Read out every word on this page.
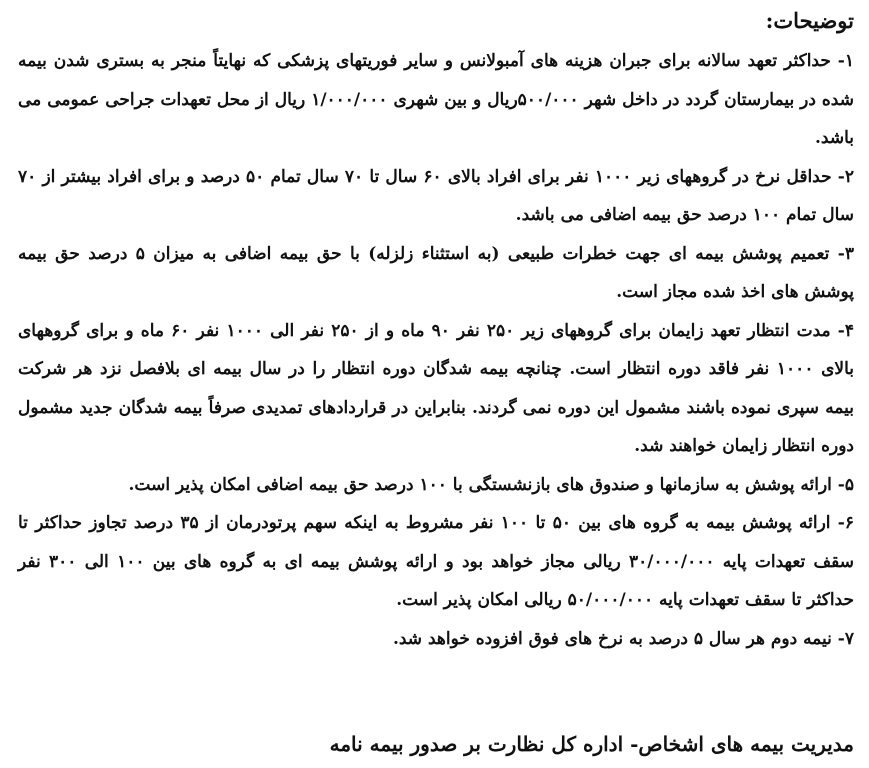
توضیحات:

۱- حداکثر تعهد سالانه برای جبران هزینه های آمبولانس و سایر فوریتهای پزشکی که نهایتاً منجر به بستری شدن بیمه شده در بیمارستان گردد در داخل شهر ۵۰۰/۰۰۰ریال و بین شهری ۱/۰۰۰/۰۰۰ ریال از محل تعهدات جراحی عمومی می باشد.

۲- حداقل نرخ در گروههای زیر ۱۰۰۰ نفر برای افراد بالای ۶۰ سال تا ۷۰ سال تمام ۵۰ درصد و برای افراد بیشتر از ۷۰ سال تمام ۱۰۰ درصد حق بیمه اضافی می باشد.

۳- تعمیم پوشش بیمه ای جهت خطرات طبیعی (به استثناء زلزله) با حق بیمه اضافی به میزان ۵ درصد حق بیمه پوشش های اخذ شده مجاز است.

۴- مدت انتظار تعهد زایمان برای گروههای زیر ۲۵۰ نفر ۹۰ ماه و از ۲۵۰ نفر الی ۱۰۰۰ نفر ۶۰ ماه و برای گروههای بالای ۱۰۰۰ نفر فاقد دوره انتظار است. چنانچه بیمه شدگان دوره انتظار را در سال بیمه ای بلافصل نزد هر شرکت بیمه سپری نموده باشند مشمول این دوره نمی گردند. بنابراین در قراردادهای تمدیدی صرفاً بیمه شدگان جدید مشمول دوره انتظار زایمان خواهند شد.

۵- ارائه پوشش به سازمانها و صندوق های بازنشستگی با ۱۰۰ درصد حق بیمه اضافی امکان پذیر است.

۶- ارائه پوشش بیمه به گروه های بین ۵۰ تا ۱۰۰ نفر مشروط به اینکه سهم پرتودرمان از ۳۵ درصد تجاوز حداکثر تا سقف تعهدات پایه ۳۰/۰۰۰/۰۰۰ ریالی مجاز خواهد بود و ارائه پوشش بیمه ای به گروه های بین ۱۰۰ الی ۳۰۰ نفر حداکثر تا سقف تعهدات پایه ۵۰/۰۰۰/۰۰۰ ریالی امکان پذیر است.

۷- نیمه دوم هر سال ۵ درصد به نرخ های فوق افزوده خواهد شد.

مدیریت بیمه های اشخاص- اداره کل نظارت بر صدور بیمه نامه
